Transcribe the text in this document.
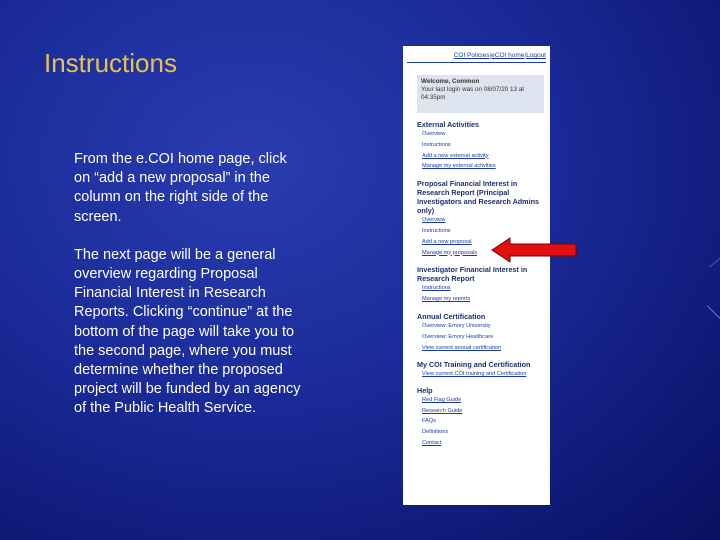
Instructions

From the e.COI home page, click on “add a new proposal” in the column on the right side of the screen.

The next page will be a general overview regarding Proposal Financial Interest in Research Reports. Clicking “continue” at the bottom of the page will take you to the second page, where you must determine whether the proposed project will be funded by an agency of the Public Health Service.

COI Policies|eCOI home|Logout
Welcome, Common
Your last login was on 08/07/20 13 at
04:35pm
External Activities
Overview
Instructions
Add a new external activity
Manage my external activities
Proposal Financial Interest in Research Report (Principal Investigators and Research Admins only)
Overview
Instructions
Add a new proposal
Manage my proposals
Investigator Financial Interest in Research Report
Instructions
Manage my reports
Annual Certification
Overview: Emory University
Overview: Emory Healthcare
View current annual certification
My COI Training and Certification
View current COI training and Certification
Help
Red Flag Guide
Research Guide
FAQs
Definitions
Contact
